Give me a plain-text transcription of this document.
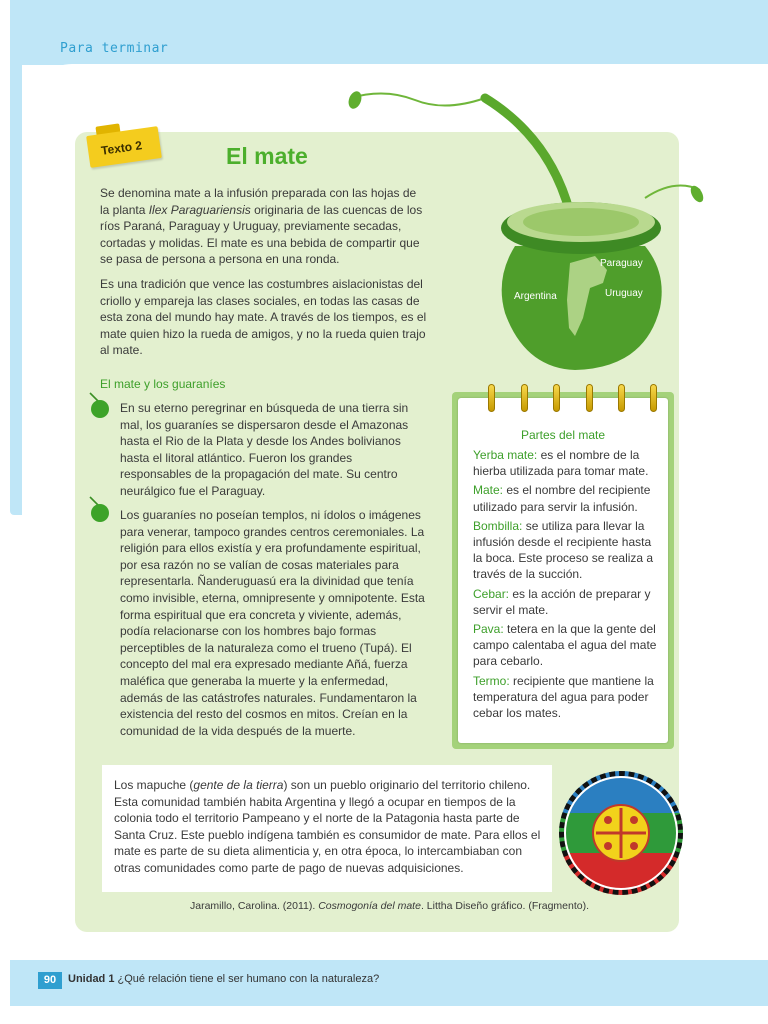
Para terminar
Texto 2	El mate
Se denomina mate a la infusión preparada con las hojas de la planta Ilex Paraguariensis originaria de las cuencas de los ríos Paraná, Paraguay y Uruguay, previamente secadas, cortadas y molidas. El mate es una bebida de compartir que se pasa de persona a persona en una ronda.
Es una tradición que vence las costumbres aislacionistas del criollo y empareja las clases sociales, en todas las casas de esta zona del mundo hay mate. A través de los tiempos, es el mate quien hizo la rueda de amigos, y no la rueda quien trajo al mate.
El mate y los guaraníes
En su eterno peregrinar en búsqueda de una tierra sin mal, los guaraníes se dispersaron desde el Amazonas hasta el Rio de la Plata y desde los Andes bolivianos hasta el litoral atlántico. Fueron los grandes responsables de la propagación del mate. Su centro neurálgico fue el Paraguay.
Los guaraníes no poseían templos, ni ídolos o imágenes para venerar, tampoco grandes centros ceremoniales. La religión para ellos existía y era profundamente espiritual, por esa razón no se valían de cosas materiales para representarla. Ñanderuguasú era la divinidad que tenía como invisible, eterna, omnipresente y omnipotente. Esta forma espiritual que era concreta y viviente, además, podía relacionarse con los hombres bajo formas perceptibles de la naturaleza como el trueno (Tupá). El concepto del mal era expresado mediante Añá, fuerza maléfica que generaba la muerte y la enfermedad, además de las catástrofes naturales. Fundamentaron la existencia del resto del cosmos en mitos. Creían en la comunidad de la vida después de la muerte.
Paraguay
Argentina	Uruguay
Partes del mate

Yerba mate: es el nombre de la hierba utilizada para tomar mate.

Mate: es el nombre del recipiente utilizado para servir la infusión.

Bombilla: se utiliza para llevar la infusión desde el recipiente hasta la boca. Este proceso se realiza a través de la succión.

Cebar: es la acción de preparar y servir el mate.

Pava: tetera en la que la gente del campo calentaba el agua del mate para cebarlo.

Termo: recipiente que mantiene la temperatura del agua para poder cebar los mates.

Los mapuche (gente de la tierra) son un pueblo originario del territorio chileno. Esta comunidad también habita Argentina y llegó a ocupar en tiempos de la colonia todo el territorio Pampeano y el norte de la Patagonia hasta parte de Santa Cruz. Este pueblo indígena también es consumidor de mate. Para ellos el mate es parte de su dieta alimenticia y, en otra época, lo intercambiaban con otras comunidades como parte de pago de nuevas adquisiciones.
Jaramillo, Carolina. (2011). Cosmogonía del mate. Littha Diseño gráfico. (Fragmento).
90	Unidad 1 ¿Qué relación tiene el ser humano con la naturaleza?
